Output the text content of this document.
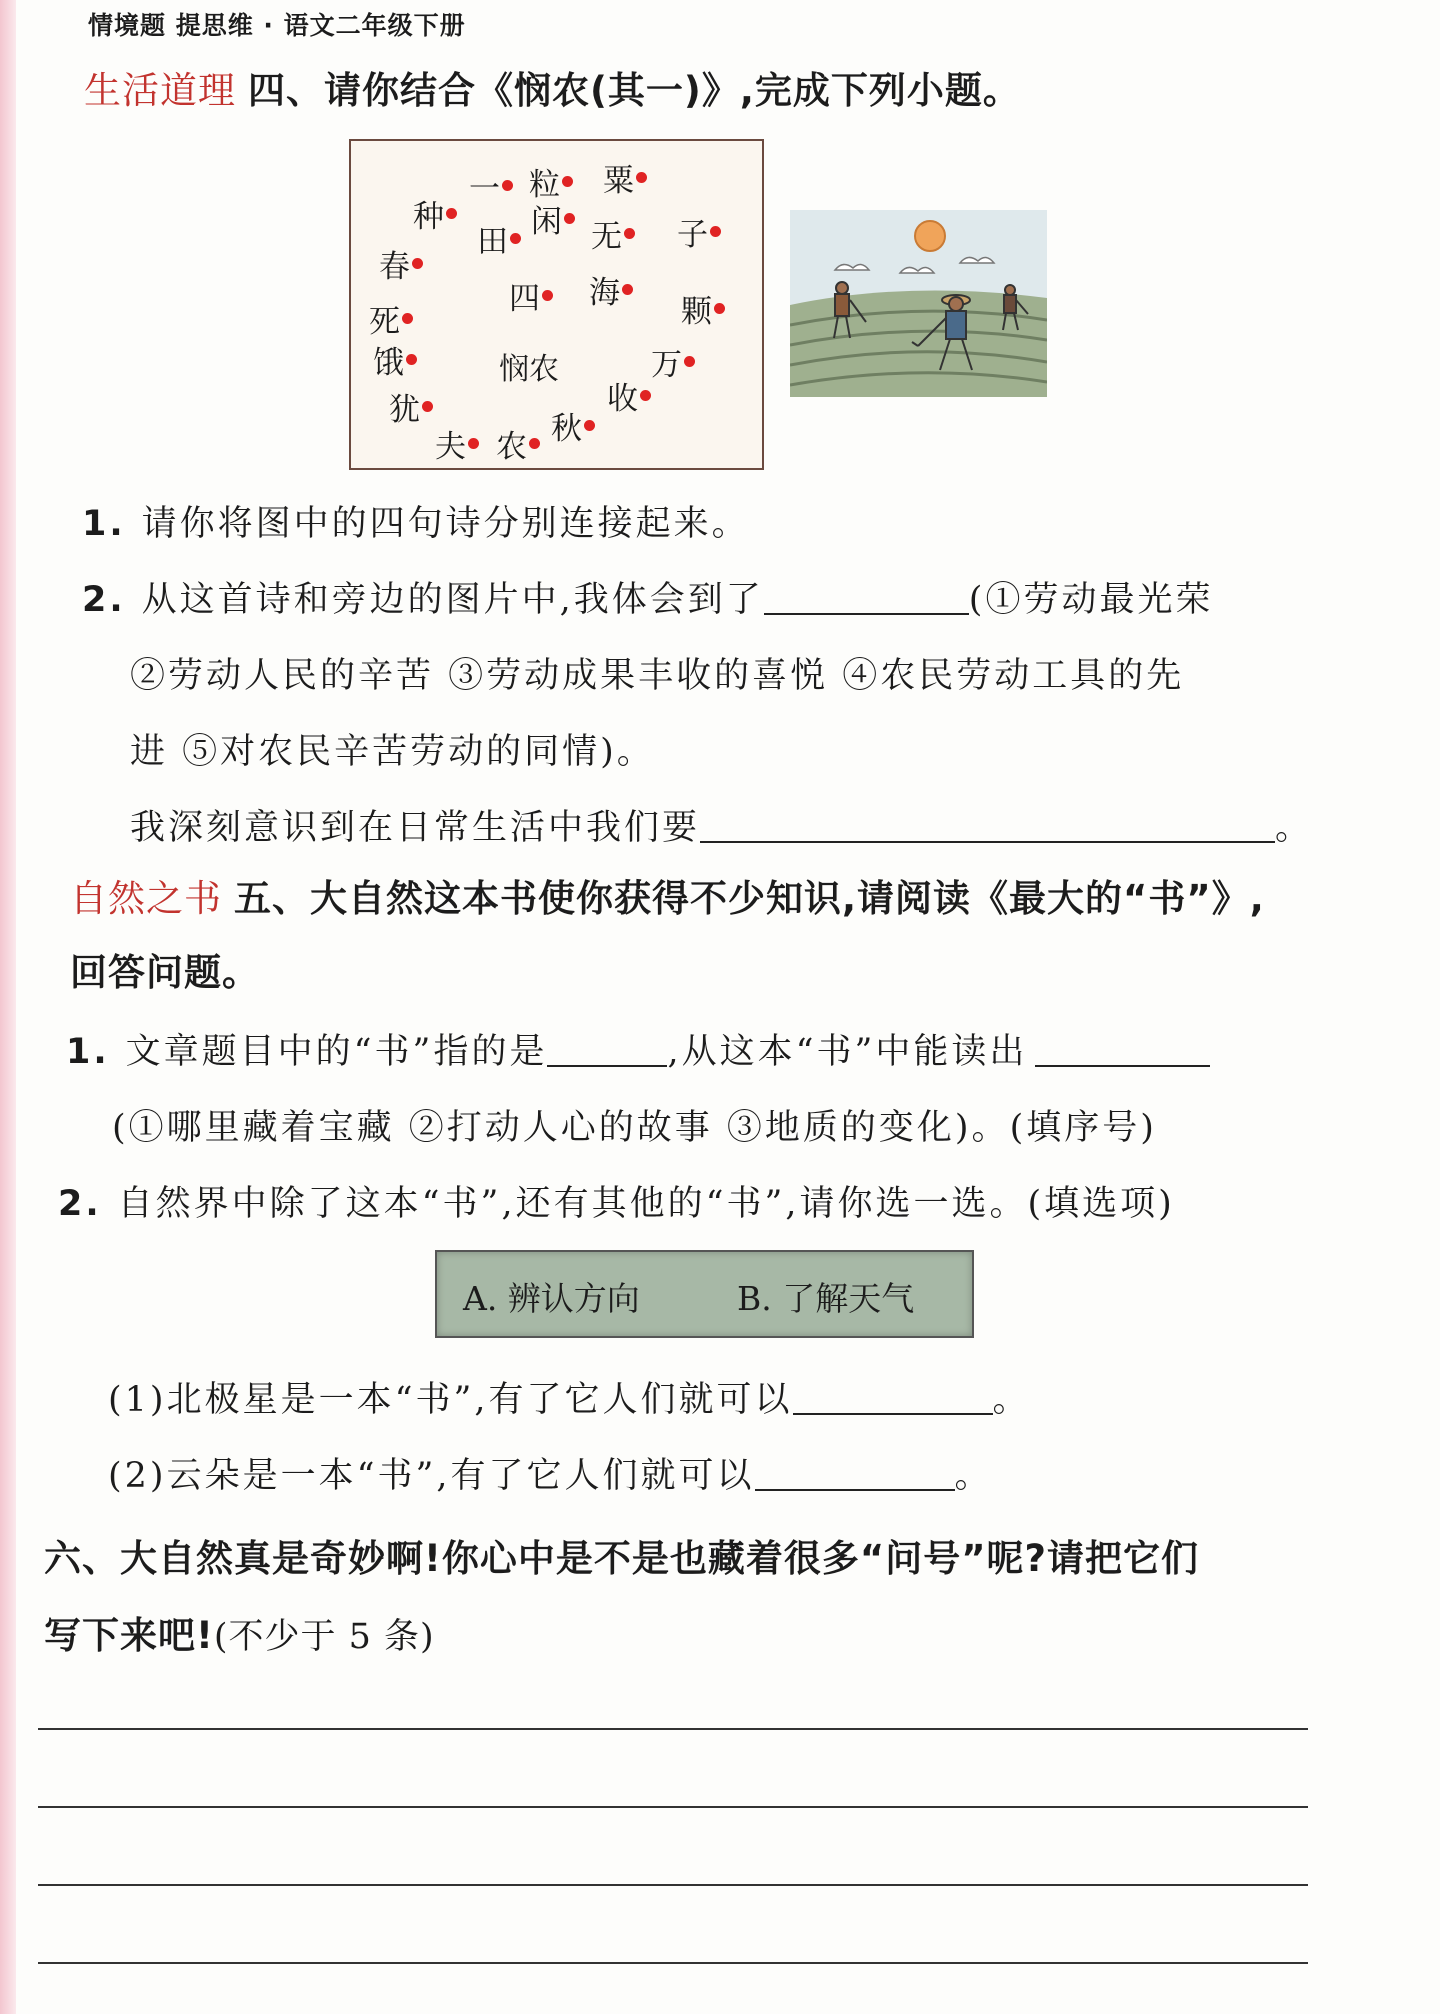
情境题 提思维 · 语文二年级下册
生活道理 四、请你结合《悯农(其一)》,完成下列小题。
一 粒	粟
种
田
闲 无	子
春
四	海
颗
死
饿	万
犹	收
秋
夫 农
悯农
1. 请你将图中的四句诗分别连接起来。
2. 从这首诗和旁边的图片中,我体会到了	(①劳动最光荣
②劳动人民的辛苦 ③劳动成果丰收的喜悦 ④农民劳动工具的先
进 ⑤对农民辛苦劳动的同情)。
我深刻意识到在日常生活中我们要	。
自然之书 五、大自然这本书使你获得不少知识,请阅读《最大的“书”》,
回答问题。
1. 文章题目中的“书”指的是	,从这本“书”中能读出
(①哪里藏着宝藏 ②打动人心的故事 ③地质的变化)。(填序号)
2. 自然界中除了这本“书”,还有其他的“书”,请你选一选。(填选项)
A. 辨认方向	B. 了解天气
(1)北极星是一本“书”,有了它人们就可以	。
(2)云朵是一本“书”,有了它人们就可以	。
六、大自然真是奇妙啊!你心中是不是也藏着很多“问号”呢?请把它们
写下来吧!(不少于 5 条)
